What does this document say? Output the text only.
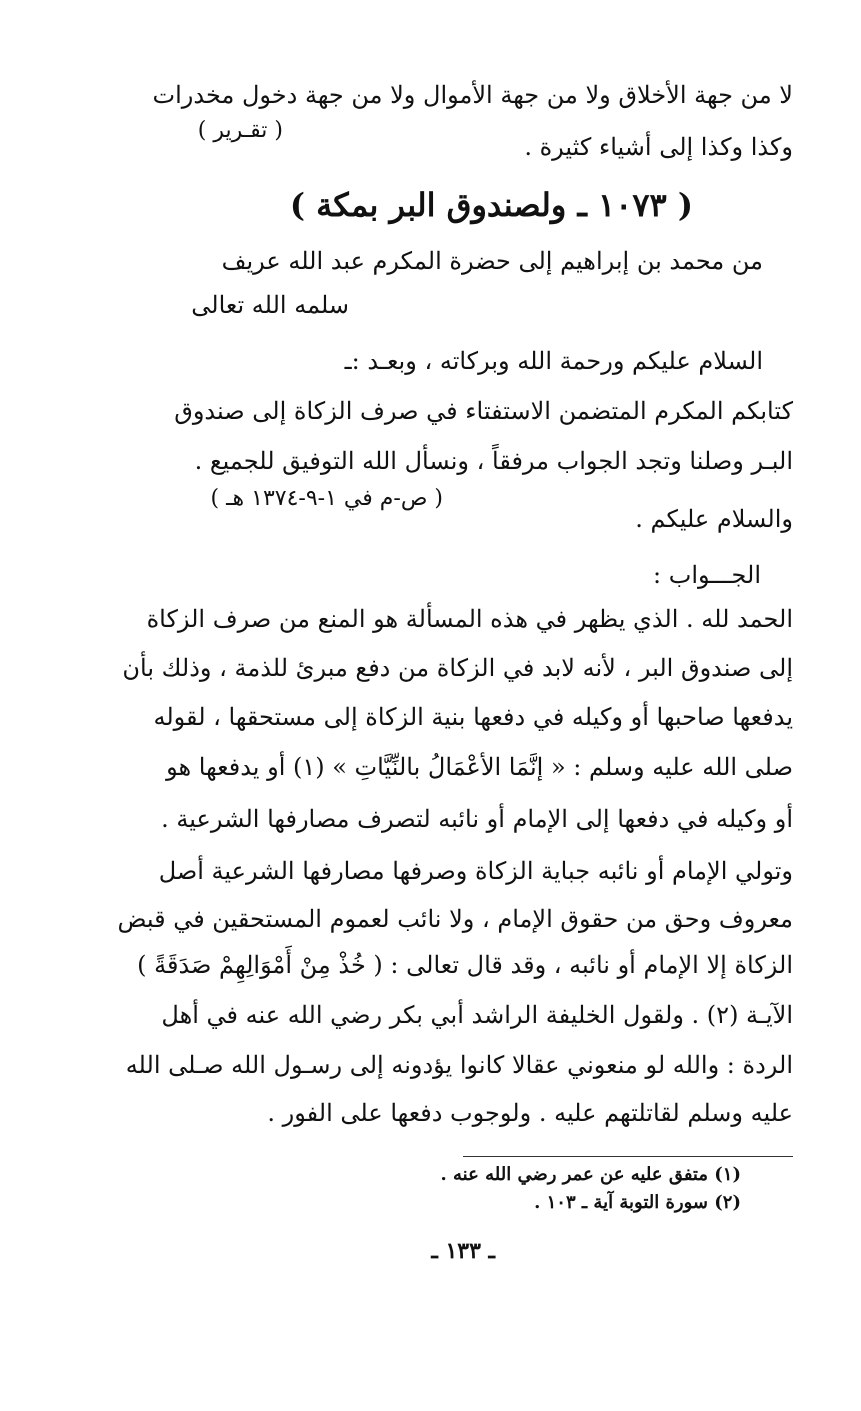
لا من جهة الأخلاق ولا من جهة الأموال ولا من جهة دخول مخدرات
وكذا وكذا إلى أشياء كثيرة .
( تقـرير )
( ١٠٧٣ ـ ولصندوق البر بمكة )
من محمد بن إبراهيم إلى حضرة المكرم عبد الله عريف
سلمه الله تعالى
السلام عليكم ورحمة الله وبركاته ، وبعـد :ـ
كتابكم المكرم المتضمن الاستفتاء في صرف الزكاة إلى صندوق
البـر وصلنا وتجد الجواب مرفقاً ، ونسأل الله التوفيق للجميع .
والسلام عليكم .
( ص-م في ١-٩-١٣٧٤ هـ )
الجـــواب :
الحمد لله . الذي يظهر في هذه المسألة هو المنع من صرف الزكاة
إلى صندوق البر ، لأنه لابد في الزكاة من دفع مبرئ للذمة ، وذلك بأن
يدفعها صاحبها أو وكيله في دفعها بنية الزكاة إلى مستحقها ، لقوله
صلى الله عليه وسلم : « إنَّمَا الأعْمَالُ بالنِّيَّاتِ » (١) أو يدفعها هو
أو وكيله في دفعها إلى الإمام أو نائبه لتصرف مصارفها الشرعية .
وتولي الإمام أو نائبه جباية الزكاة وصرفها مصارفها الشرعية أصل
معروف وحق من حقوق الإمام ، ولا نائب لعموم المستحقين في قبض
الزكاة إلا الإمام أو نائبه ، وقد قال تعالى : ( خُذْ مِنْ أَمْوَالِهِمْ صَدَقَةً )
الآيـة (٢) . ولقول الخليفة الراشد أبي بكر رضي الله عنه في أهل
الردة : والله لو منعوني عقالا كانوا يؤدونه إلى رسـول الله صـلى الله
عليه وسلم لقاتلتهم عليه . ولوجوب دفعها على الفور .
(١) متفق عليه عن عمر رضي الله عنه .
(٢) سورة التوبة آية ـ ١٠٣ .
ـ ١٣٣ ـ
